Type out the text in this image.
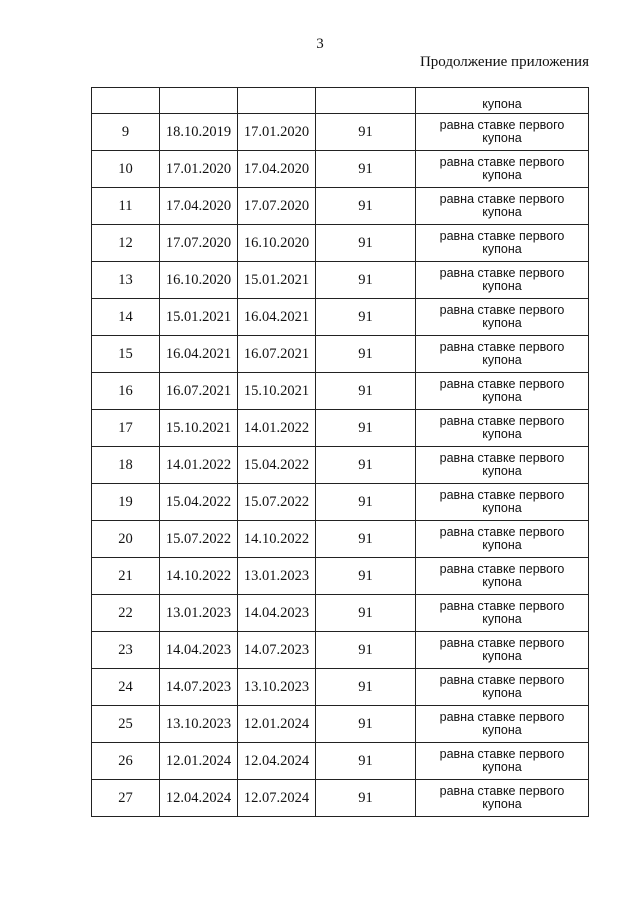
3
Продолжение приложения
				купона
9	18.10.2019	17.01.2020	91	равна ставке первого
купона

10	17.01.2020	17.04.2020	91	равна ставке первого
купона

11	17.04.2020	17.07.2020	91	равна ставке первого
купона

12	17.07.2020	16.10.2020	91	равна ставке первого
купона

13	16.10.2020	15.01.2021	91	равна ставке первого
купона

14	15.01.2021	16.04.2021	91	равна ставке первого
купона

15	16.04.2021	16.07.2021	91	равна ставке первого
купона

16	16.07.2021	15.10.2021	91	равна ставке первого
купона

17	15.10.2021	14.01.2022	91	равна ставке первого
купона

18	14.01.2022	15.04.2022	91	равна ставке первого
купона

19	15.04.2022	15.07.2022	91	равна ставке первого
купона

20	15.07.2022	14.10.2022	91	равна ставке первого
купона

21	14.10.2022	13.01.2023	91	равна ставке первого
купона

22	13.01.2023	14.04.2023	91	равна ставке первого
купона

23	14.04.2023	14.07.2023	91	равна ставке первого
купона

24	14.07.2023	13.10.2023	91	равна ставке первого
купона

25	13.10.2023	12.01.2024	91	равна ставке первого
купона

26	12.01.2024	12.04.2024	91	равна ставке первого
купона

27	12.04.2024	12.07.2024	91	равна ставке первого
купона
